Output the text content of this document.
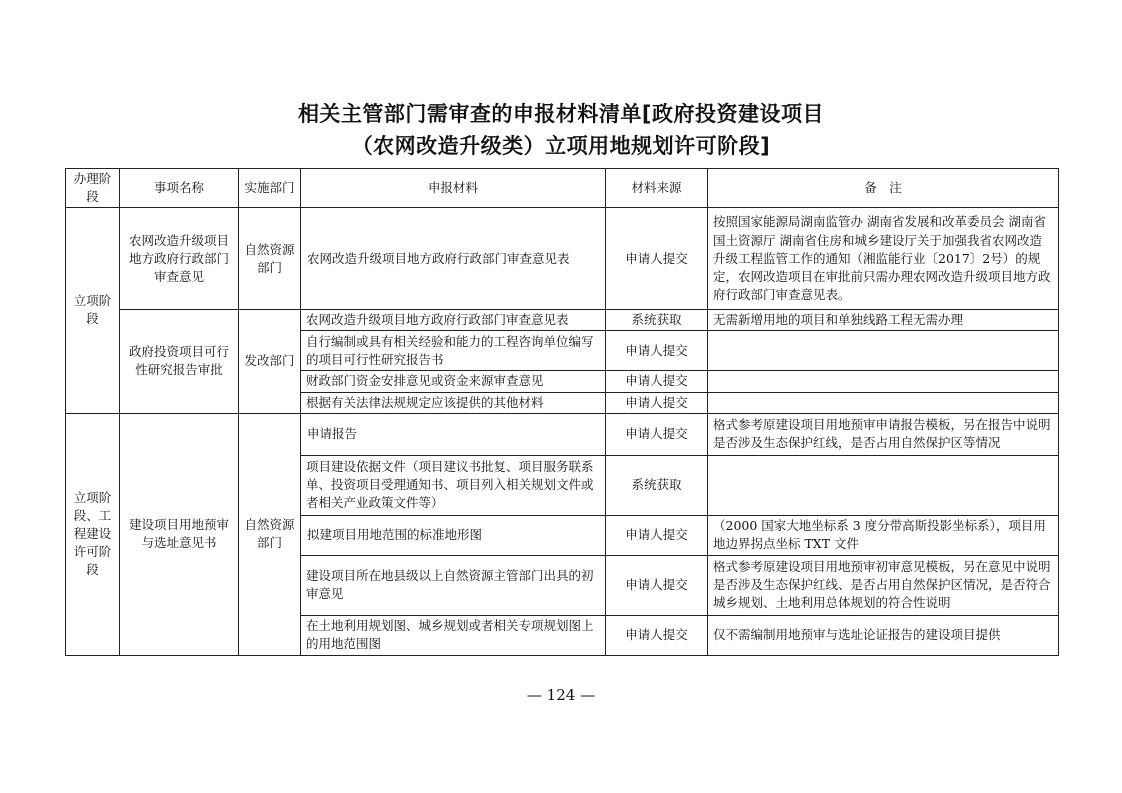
相关主管部门需审查的申报材料清单[政府投资建设项目
（农网改造升级类）立项用地规划许可阶段]
办理阶段	事项名称	实施部门	申报材料	材料来源	备　注
立项阶段	农网改造升级项目地方政府行政部门审查意见	自然资源部门	农网改造升级项目地方政府行政部门审查意见表	申请人提交	按照国家能源局湖南监管办 湖南省发展和改革委员会 湖南省国土资源厅 湖南省住房和城乡建设厅关于加强我省农网改造升级工程监管工作的通知（湘监能行业〔2017〕2号）的规定，农网改造项目在审批前只需办理农网改造升级项目地方政府行政部门审查意见表。
	政府投资项目可行性研究报告审批	发改部门	农网改造升级项目地方政府行政部门审查意见表	系统获取	无需新增用地的项目和单独线路工程无需办理
			自行编制或具有相关经验和能力的工程咨询单位编写的项目可行性研究报告书	申请人提交	
			财政部门资金安排意见或资金来源审查意见	申请人提交	
			根据有关法律法规规定应该提供的其他材料	申请人提交	
立项阶段、工程建设许可阶段	建设项目用地预审与选址意见书	自然资源部门	申请报告	申请人提交	格式参考原建设项目用地预审申请报告模板，另在报告中说明是否涉及生态保护红线，是否占用自然保护区等情况
			项目建设依据文件（项目建议书批复、项目服务联系单、投资项目受理通知书、项目列入相关规划文件或者相关产业政策文件等）	系统获取	
			拟建项目用地范围的标准地形图	申请人提交	（2000 国家大地坐标系 3 度分带高斯投影坐标系），项目用地边界拐点坐标 TXT 文件
			建设项目所在地县级以上自然资源主管部门出具的初审意见	申请人提交	格式参考原建设项目用地预审初审意见模板，另在意见中说明是否涉及生态保护红线、是否占用自然保护区情况，是否符合城乡规划、土地利用总体规划的符合性说明
			在土地利用规划图、城乡规划或者相关专项规划图上的用地范围图	申请人提交	仅不需编制用地预审与选址论证报告的建设项目提供
— 124 —
